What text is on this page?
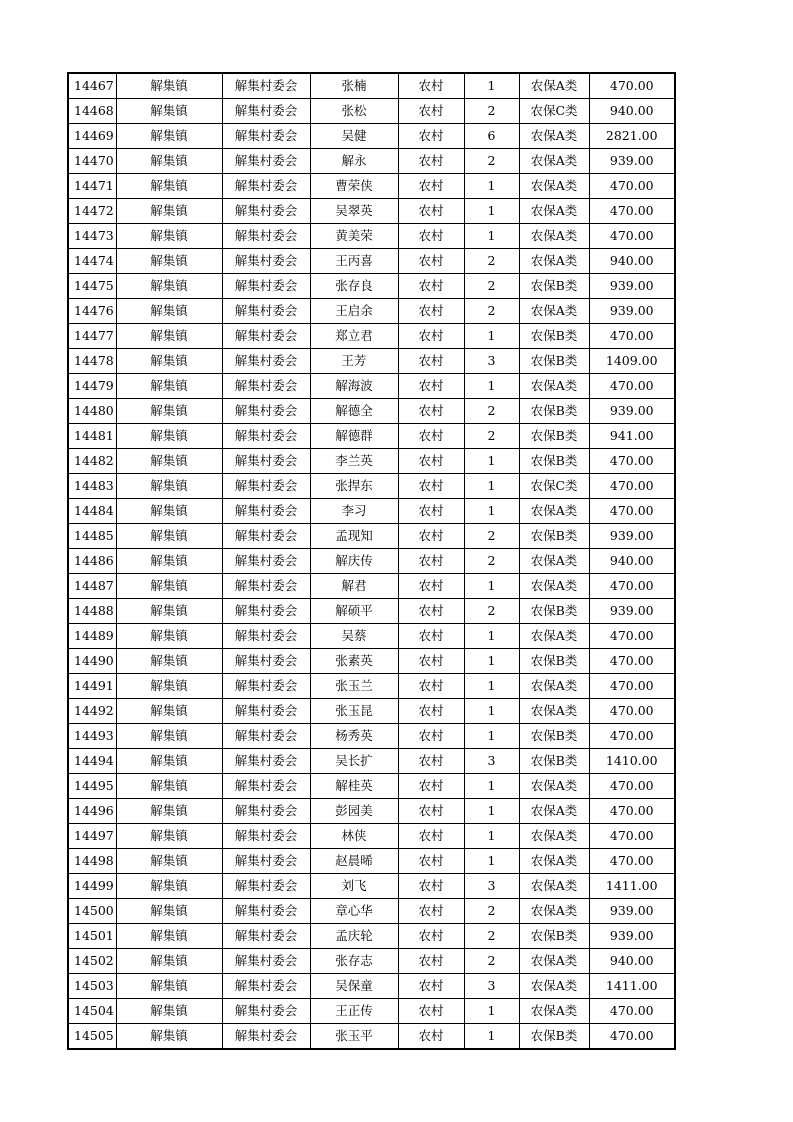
14467	解集镇	解集村委会	张楠	农村	1	农保A类	470.00
14468	解集镇	解集村委会	张松	农村	2	农保C类	940.00
14469	解集镇	解集村委会	吴健	农村	6	农保A类	2821.00
14470	解集镇	解集村委会	解永	农村	2	农保A类	939.00
14471	解集镇	解集村委会	曹荣侠	农村	1	农保A类	470.00
14472	解集镇	解集村委会	吴翠英	农村	1	农保A类	470.00
14473	解集镇	解集村委会	黄美荣	农村	1	农保A类	470.00
14474	解集镇	解集村委会	王丙喜	农村	2	农保A类	940.00
14475	解集镇	解集村委会	张存良	农村	2	农保B类	939.00
14476	解集镇	解集村委会	王启余	农村	2	农保A类	939.00
14477	解集镇	解集村委会	郑立君	农村	1	农保B类	470.00
14478	解集镇	解集村委会	王芳	农村	3	农保B类	1409.00
14479	解集镇	解集村委会	解海波	农村	1	农保A类	470.00
14480	解集镇	解集村委会	解德全	农村	2	农保B类	939.00
14481	解集镇	解集村委会	解德群	农村	2	农保B类	941.00
14482	解集镇	解集村委会	李兰英	农村	1	农保B类	470.00
14483	解集镇	解集村委会	张捍东	农村	1	农保C类	470.00
14484	解集镇	解集村委会	李习	农村	1	农保A类	470.00
14485	解集镇	解集村委会	孟现知	农村	2	农保B类	939.00
14486	解集镇	解集村委会	解庆传	农村	2	农保A类	940.00
14487	解集镇	解集村委会	解君	农村	1	农保A类	470.00
14488	解集镇	解集村委会	解硕平	农村	2	农保B类	939.00
14489	解集镇	解集村委会	吴蔡	农村	1	农保A类	470.00
14490	解集镇	解集村委会	张素英	农村	1	农保B类	470.00
14491	解集镇	解集村委会	张玉兰	农村	1	农保A类	470.00
14492	解集镇	解集村委会	张玉昆	农村	1	农保A类	470.00
14493	解集镇	解集村委会	杨秀英	农村	1	农保B类	470.00
14494	解集镇	解集村委会	吴长扩	农村	3	农保B类	1410.00
14495	解集镇	解集村委会	解桂英	农村	1	农保A类	470.00
14496	解集镇	解集村委会	彭园美	农村	1	农保A类	470.00
14497	解集镇	解集村委会	林侠	农村	1	农保A类	470.00
14498	解集镇	解集村委会	赵晨晞	农村	1	农保A类	470.00
14499	解集镇	解集村委会	刘飞	农村	3	农保A类	1411.00
14500	解集镇	解集村委会	章心华	农村	2	农保A类	939.00
14501	解集镇	解集村委会	孟庆轮	农村	2	农保B类	939.00
14502	解集镇	解集村委会	张存志	农村	2	农保A类	940.00
14503	解集镇	解集村委会	吴保童	农村	3	农保A类	1411.00
14504	解集镇	解集村委会	王正传	农村	1	农保A类	470.00
14505	解集镇	解集村委会	张玉平	农村	1	农保B类	470.00
